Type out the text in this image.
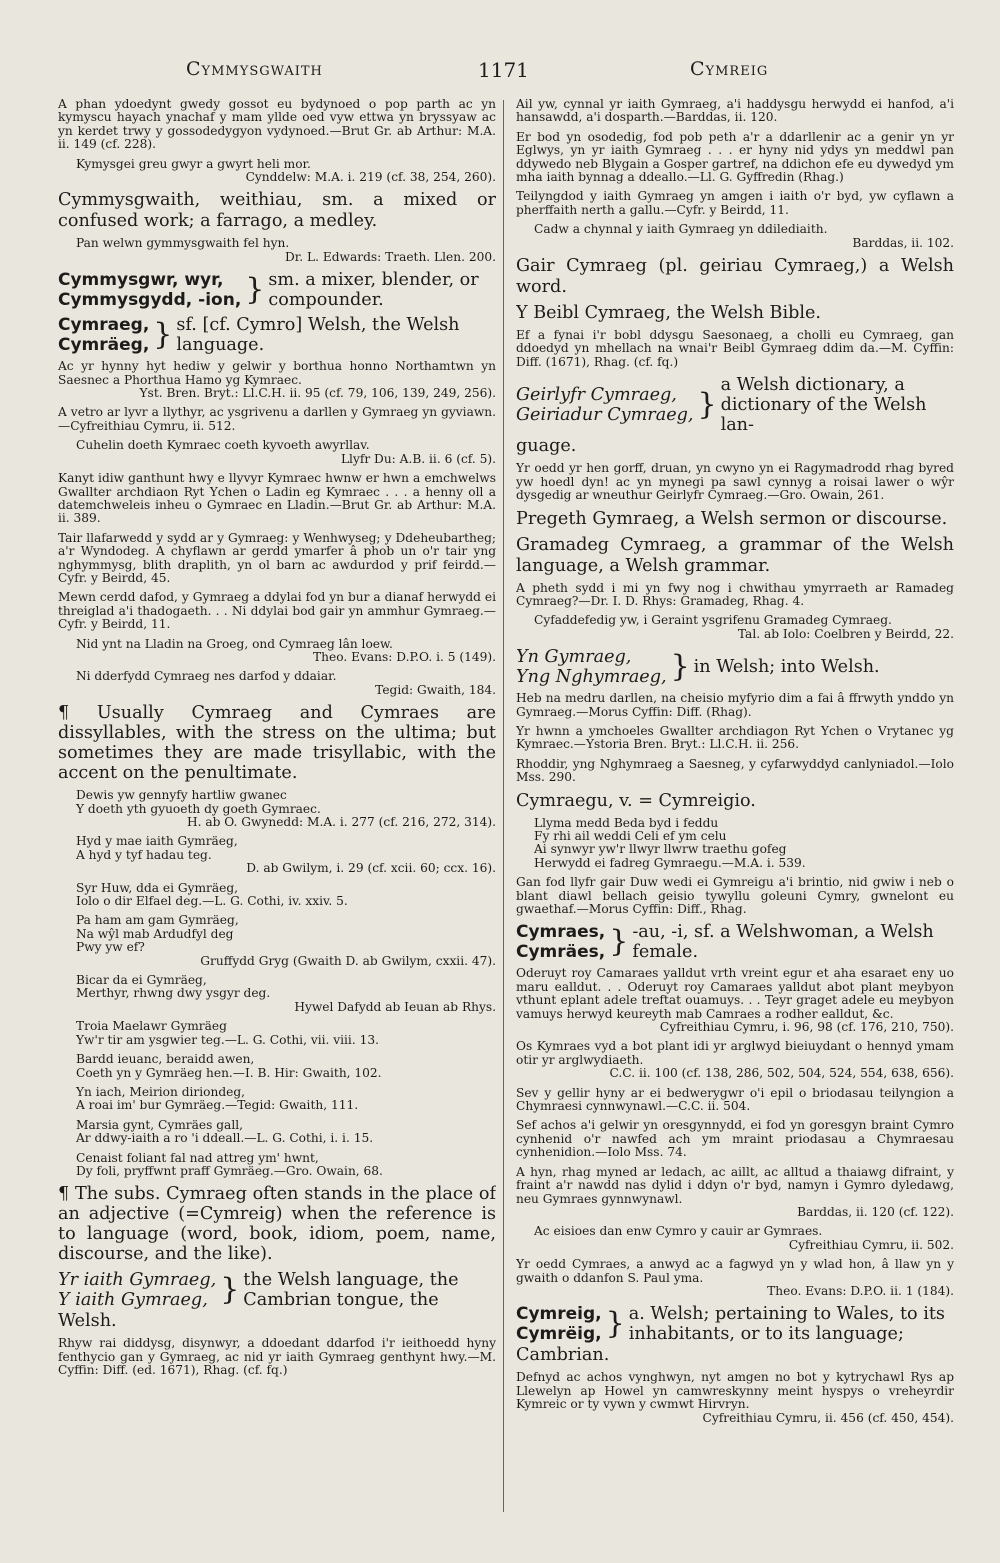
Cymmysgwaith	1171	Cymreig

A phan ydoedynt gwedy gossot eu bydynoed o pop parth ac yn kymyscu hayach ynachaf y mam yllde oed vyw ettwa yn bryssyaw ac yn kerdet trwy y gossodedygyon vydynoed.—Brut Gr. ab Arthur: M.A. ii. 149 (cf. 228).

Kymysgei greu gwyr a gwyrt heli mor.
Cynddelw: M.A. i. 219 (cf. 38, 254, 260).

Cymmysgwaith, weithiau, sm. a mixed or confused work; a farrago, a medley.

Pan welwn gymmysgwaith fel hyn.
Dr. L. Edwards: Traeth. Llen. 200.

Cymmysgwr, wyr,
Cymmysgydd, -ion, } sm. a mixer, blender, or compounder.
Cymraeg,
Cymräeg, } sf. [cf. Cymro] Welsh, the Welsh language.

Ac yr hynny hyt hediw y gelwir y borthua honno Northamtwn yn Saesnec a Phorthua Hamo yg Kymraec.
Yst. Bren. Bryt.: Ll.C.H. ii. 95 (cf. 79, 106, 139, 249, 256).

A vetro ar lyvr a llythyr, ac ysgrivenu a darllen y Gymraeg yn gyviawn.—Cyfreithiau Cymru, ii. 512.

Cuhelin doeth Kymraec coeth kyvoeth awyrllav.
Llyfr Du: A.B. ii. 6 (cf. 5).

Kanyt idiw ganthunt hwy e llyvyr Kymraec hwnw er hwn a emchwelws Gwallter archdiaon Ryt Ychen o Ladin eg Kymraec . . . a henny oll a datemchweleis inheu o Gymraec en Lladin.—Brut Gr. ab Arthur: M.A. ii. 389.

Tair llafarwedd y sydd ar y Gymraeg: y Wenhwyseg; y Ddeheubartheg; a'r Wyndodeg. A chyflawn ar gerdd ymarfer â phob un o'r tair yng nghymmysg, blith draplith, yn ol barn ac awdurdod y prif feirdd.—Cyfr. y Beirdd, 45.

Mewn cerdd dafod, y Gymraeg a ddylai fod yn bur a dianaf herwydd ei threiglad a'i thadogaeth. . . Ni ddylai bod gair yn ammhur Gymraeg.—Cyfr. y Beirdd, 11.

Nid ynt na Lladin na Groeg, ond Cymraeg lân loew.
Theo. Evans: D.P.O. i. 5 (149).

Ni dderfydd Cymraeg nes darfod y ddaiar.
Tegid: Gwaith, 184.

¶ Usually Cymraeg and Cymraes are dissyllables, with the stress on the ultima; but sometimes they are made trisyllabic, with the accent on the penultimate.

Dewis yw gennyfy hartliw gwanec
Y doeth yth gyuoeth dy goeth Gymraec.
H. ab O. Gwynedd: M.A. i. 277 (cf. 216, 272, 314).

Hyd y mae iaith Gymräeg,
A hyd y tyf hadau teg.
D. ab Gwilym, i. 29 (cf. xcii. 60; ccx. 16).

Syr Huw, dda ei Gymräeg,
Iolo o dir Elfael deg.—L. G. Cothi, iv. xxiv. 5.

Pa ham am gam Gymräeg,
Na wŷl mab Ardudfyl deg
Pwy yw ef?
Gruffydd Gryg (Gwaith D. ab Gwilym, cxxii. 47).

Bicar da ei Gymräeg,
Merthyr, rhwng dwy ysgyr deg.
Hywel Dafydd ab Ieuan ab Rhys.

Troia Maelawr Gymräeg
Yw'r tir am ysgwier teg.—L. G. Cothi, vii. viii. 13.

Bardd ieuanc, beraidd awen,
Coeth yn y Gymräeg hen.—I. B. Hir: Gwaith, 102.

Yn iach, Meirion diriondeg,
A roai im' bur Gymräeg.—Tegid: Gwaith, 111.

Marsia gynt, Cymräes gall,
Ar ddwy-iaith a ro 'i ddeall.—L. G. Cothi, i. i. 15.

Cenaist foliant fal nad attreg ym' hwnt,
Dy foli, pryffwnt praff Gymräeg.—Gro. Owain, 68.

¶ The subs. Cymraeg often stands in the place of an adjective (=Cymreig) when the reference is to language (word, book, idiom, poem, name, discourse, and the like).

Yr iaith Gymraeg,
Y iaith Gymraeg, } the Welsh language, the Cambrian tongue, the

Welsh.

Rhyw rai diddysg, disynwyr, a ddoedant ddarfod i'r ieithoedd hyny fenthycio gan y Gymraeg, ac nid yr iaith Gymraeg genthynt hwy.—M. Cyffin: Diff. (ed. 1671), Rhag. (cf. fq.)

Ail yw, cynnal yr iaith Gymraeg, a'i haddysgu herwydd ei hanfod, a'i hansawdd, a'i dosparth.—Barddas, ii. 120.

Er bod yn osodedig, fod pob peth a'r a ddarllenir ac a genir yn yr Eglwys, yn yr iaith Gymraeg . . . er hyny nid ydys yn meddwl pan ddywedo neb Blygain a Gosper gartref, na ddichon efe eu dywedyd ym mha iaith bynnag a ddeallo.—Ll. G. Gyffredin (Rhag.)

Teilyngdod y iaith Gymraeg yn amgen i iaith o'r byd, yw cyflawn a pherffaith nerth a gallu.—Cyfr. y Beirdd, 11.

Cadw a chynnal y iaith Gymraeg yn ddilediaith.
Barddas, ii. 102.

Gair Cymraeg (pl. geiriau Cymraeg,) a Welsh word.

Y Beibl Cymraeg, the Welsh Bible.

Ef a fynai i'r bobl ddysgu Saesonaeg, a cholli eu Cymraeg, gan ddoedyd yn mhellach na wnai'r Beibl Gymraeg ddim da.—M. Cyffin: Diff. (1671), Rhag. (cf. fq.)

Geirlyfr Cymraeg,
Geiriadur Cymraeg, }
a Welsh dictionary, a dictionary of the Welsh lan-

guage.

Yr oedd yr hen gorff, druan, yn cwyno yn ei Ragymadrodd rhag byred yw hoedl dyn! ac yn mynegi pa sawl cynnyg a roisai lawer o wŷr dysgedig ar wneuthur Geirlyfr Cymraeg.—Gro. Owain, 261.

Pregeth Gymraeg, a Welsh sermon or discourse.

Gramadeg Cymraeg, a grammar of the Welsh language, a Welsh grammar.

A pheth sydd i mi yn fwy nog i chwithau ymyrraeth ar Ramadeg Cymraeg?—Dr. I. D. Rhys: Gramadeg, Rhag. 4.

Cyfaddefedig yw, i Geraint ysgrifenu Gramadeg Cymraeg.
Tal. ab Iolo: Coelbren y Beirdd, 22.

Yn Gymraeg,
Yng Nghymraeg, } in Welsh; into Welsh.

Heb na medru darllen, na cheisio myfyrio dim a fai â ffrwyth ynddo yn Gymraeg.—Morus Cyffin: Diff. (Rhag).

Yr hwnn a ymchoeles Gwallter archdiagon Ryt Ychen o Vrytanec yg Kymraec.—Ystoria Bren. Bryt.: Ll.C.H. ii. 256.

Rhoddir, yng Nghymraeg a Saesneg, y cyfarwyddyd canlyniadol.—Iolo Mss. 290.

Cymraegu, v. = Cymreigio.

Llyma medd Beda byd i feddu
Fy rhi ail weddi Celi ef ym celu
Ai synwyr yw'r llwyr llwrw traethu gofeg
Herwydd ei fadreg Gymraegu.—M.A. i. 539.

Gan fod llyfr gair Duw wedi ei Gymreigu a'i brintio, nid gwiw i neb o blant diawl bellach geisio tywyllu goleuni Cymry, gwnelont eu gwaethaf.—Morus Cyffin: Diff., Rhag.

Cymraes,
Cymräes, } -au, -i, sf. a Welshwoman, a Welsh female.

Oderuyt roy Camaraes yalldut vrth vreint egur et aha esaraet eny uo maru ealldut. . . Oderuyt roy Camaraes yalldut abot plant meybyon vthunt eplant adele treftat ouamuys. . . Teyr graget adele eu meybyon vamuys herwyd keureyth mab Camraes a rodher ealldut, &c.
Cyfreithiau Cymru, i. 96, 98 (cf. 176, 210, 750).

Os Kymraes vyd a bot plant idi yr arglwyd bieiuydant o hennyd ymam otir yr arglwydiaeth.
C.C. ii. 100 (cf. 138, 286, 502, 504, 524, 554, 638, 656).

Sev y gellir hyny ar ei bedwerygwr o'i epil o briodasau teilyngion a Chymraesi cynnwynawl.—C.C. ii. 504.

Sef achos a'i gelwir yn oresgynnydd, ei fod yn goresgyn braint Cymro cynhenid o'r nawfed ach ym mraint priodasau a Chymraesau cynhenidion.—Iolo Mss. 74.

A hyn, rhag myned ar ledach, ac aillt, ac alltud a thaiawg difraint, y fraint a'r nawdd nas dylid i ddyn o'r byd, namyn i Gymro dyledawg, neu Gymraes gynnwynawl.
Barddas, ii. 120 (cf. 122).

Ac eisioes dan enw Cymro y cauir ar Gymraes.
Cyfreithiau Cymru, ii. 502.

Yr oedd Cymraes, a anwyd ac a fagwyd yn y wlad hon, â llaw yn y gwaith o ddanfon S. Paul yma.
Theo. Evans: D.P.O. ii. 1 (184).

Cymreig,
Cymrëig, } a. Welsh; pertaining to Wales, to its inhabitants, or to its language;

Cambrian.

Defnyd ac achos vynghwyn, nyt amgen no bot y kytrychawl Rys ap Llewelyn ap Howel yn camwreskynny meint hyspys o vreheyrdir Kymreic or ty vywn y cwmwt Hirvryn.
Cyfreithiau Cymru, ii. 456 (cf. 450, 454).
